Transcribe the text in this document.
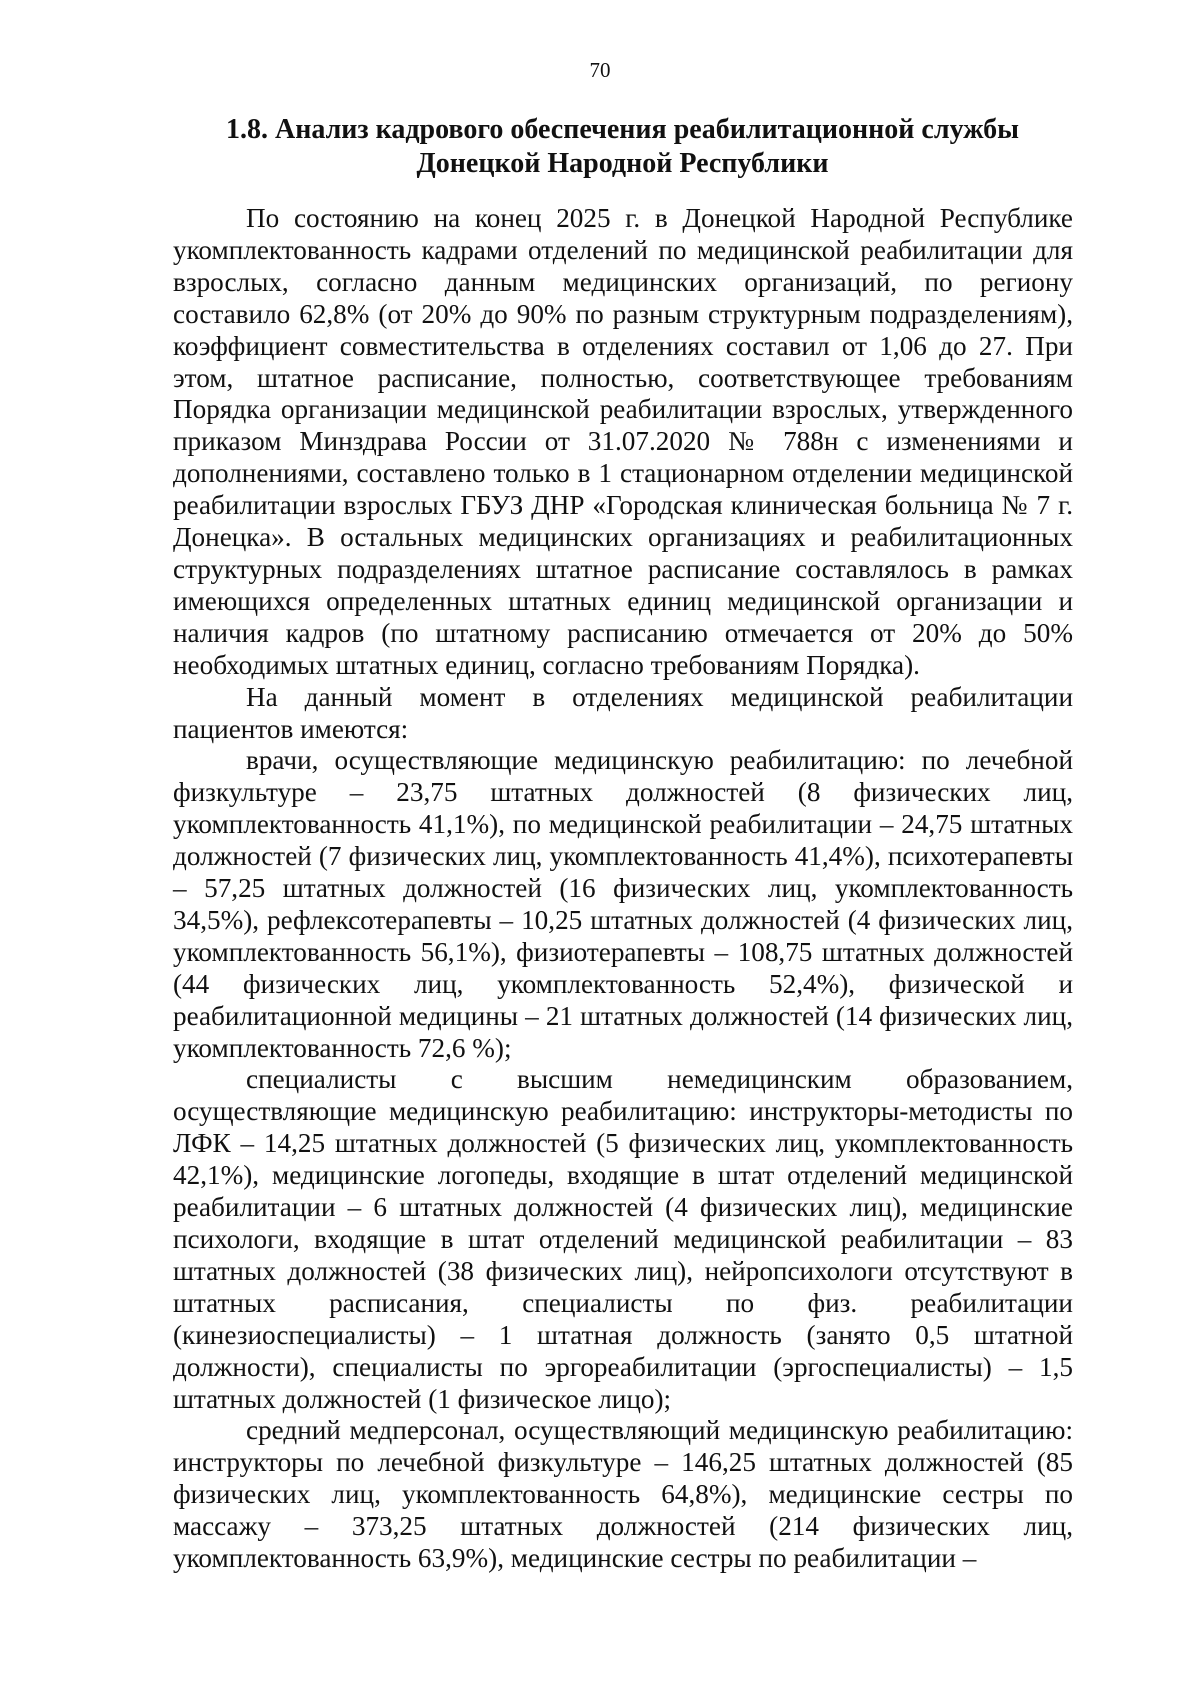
70
1.8. Анализ кадрового обеспечения реабилитационной службы
Донецкой Народной Республики

По состоянию на конец 2025 г. в Донецкой Народной Республике укомплектованность кадрами отделений по медицинской реабилитации для взрослых, согласно данным медицинских организаций, по региону составило 62,8% (от 20% до 90% по разным структурным подразделениям), коэффициент совместительства в отделениях составил от 1,06 до 27. При этом, штатное расписание, полностью, соответствующее требованиям Порядка организации медицинской реабилитации взрослых, утвержденного приказом Минздрава России от 31.07.2020 № 788н с изменениями и дополнениями, составлено только в 1 стационарном отделении медицинской реабилитации взрослых ГБУЗ ДНР «Городская клиническая больница № 7 г. Донецка». В остальных медицинских организациях и реабилитационных структурных подразделениях штатное расписание составлялось в рамках имеющихся определенных штатных единиц медицинской организации и наличия кадров (по штатному расписанию отмечается от 20% до 50% необходимых штатных единиц, согласно требованиям Порядка).

На данный момент в отделениях медицинской реабилитации пациентов имеются:

врачи, осуществляющие медицинскую реабилитацию: по лечебной физкультуре – 23,75 штатных должностей (8 физических лиц, укомплектованность 41,1%), по медицинской реабилитации – 24,75 штатных должностей (7 физических лиц, укомплектованность 41,4%), психотерапевты – 57,25 штатных должностей (16 физических лиц, укомплектованность 34,5%), рефлексотерапевты – 10,25 штатных должностей (4 физических лиц, укомплектованность 56,1%), физиотерапевты – 108,75 штатных должностей (44 физических лиц, укомплектованность 52,4%), физической и реабилитационной медицины – 21 штатных должностей (14 физических лиц, укомплектованность 72,6 %);

специалисты с высшим немедицинским образованием, осуществляющие медицинскую реабилитацию: инструкторы-методисты по ЛФК – 14,25 штатных должностей (5 физических лиц, укомплектованность 42,1%), медицинские логопеды, входящие в штат отделений медицинской реабилитации – 6 штатных должностей (4 физических лиц), медицинские психологи, входящие в штат отделений медицинской реабилитации – 83 штатных должностей (38 физических лиц), нейропсихологи отсутствуют в штатных расписания, специалисты по физ. реабилитации (кинезиоспециалисты) – 1 штатная должность (занято 0,5 штатной должности), специалисты по эргореабилитации (эргоспециалисты) – 1,5 штатных должностей (1 физическое лицо);

средний медперсонал, осуществляющий медицинскую реабилитацию: инструкторы по лечебной физкультуре – 146,25 штатных должностей (85 физических лиц, укомплектованность 64,8%), медицинские сестры по массажу – 373,25 штатных должностей (214 физических лиц, укомплектованность 63,9%), медицинские сестры по реабилитации –
